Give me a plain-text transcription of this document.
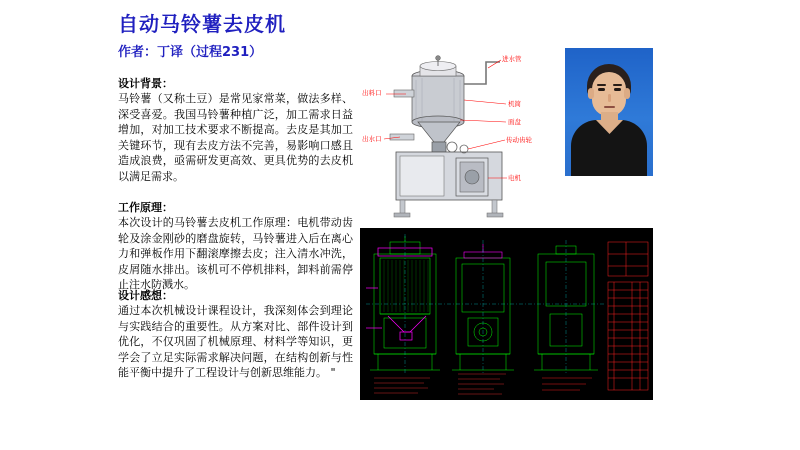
自动马铃薯去皮机
作者：丁译（过程231）
设计背景：
马铃薯（又称土豆）是常见家常菜，做法多样、深受喜爱。我国马铃薯种植广泛，加工需求日益增加，对加工技术要求不断提高。去皮是其加工关键环节，现有去皮方法不完善，易影响口感且造成浪费，亟需研发更高效、更具优势的去皮机以满足需求。
工作原理：
本次设计的马铃薯去皮机工作原理：电机带动齿轮及涂金刚砂的磨盘旋转，马铃薯进入后在离心力和弹板作用下翻滚摩擦去皮；注入清水冲洗，皮屑随水排出。该机可不停机排料，卸料前需停止注水防溅水。
设计感想：
通过本次机械设计课程设计，我深刻体会到理论与实践结合的重要性。从方案对比、部件设计到优化，不仅巩固了机械原理、材料学等知识，更学会了立足实际需求解决问题，在结构创新与性能平衡中提升了工程设计与创新思维能力。 "
出料口
出水口
进水管
机简
面盘
传动齿轮
电机
